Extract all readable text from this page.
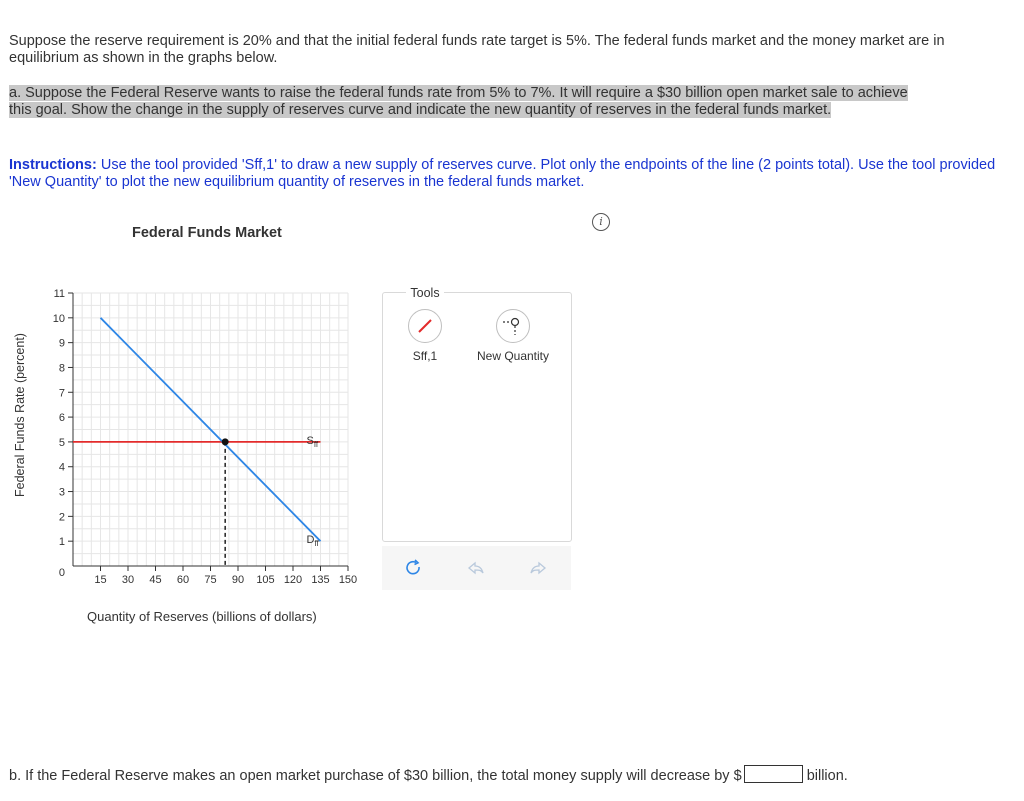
Suppose the reserve requirement is 20% and that the initial federal funds rate target is 5%. The federal funds market and the money market are in equilibrium as shown in the graphs below.
a. Suppose the Federal Reserve wants to raise the federal funds rate from 5% to 7%. It will require a $30 billion open market sale to achieve this goal. Show the change in the supply of reserves curve and indicate the new quantity of reserves in the federal funds market.
Instructions: Use the tool provided 'Sff,1' to draw a new supply of reserves curve. Plot only the endpoints of the line (2 points total). Use the tool provided 'New Quantity' to plot the new equilibrium quantity of reserves in the federal funds market.
Federal Funds Market
i
0
1
2
3
4
5
6
7
8
9
10
11
15 30 45 60 75 90 105 120 135 150
$S_{ff}$
$D_{ff}$
Federal Funds Rate (percent)
Quantity of Reserves (billions of dollars)
Tools
Sff,1	New Quantity
b. If the Federal Reserve makes an open market purchase of $30 billion, the total money supply will decrease by $	billion.
